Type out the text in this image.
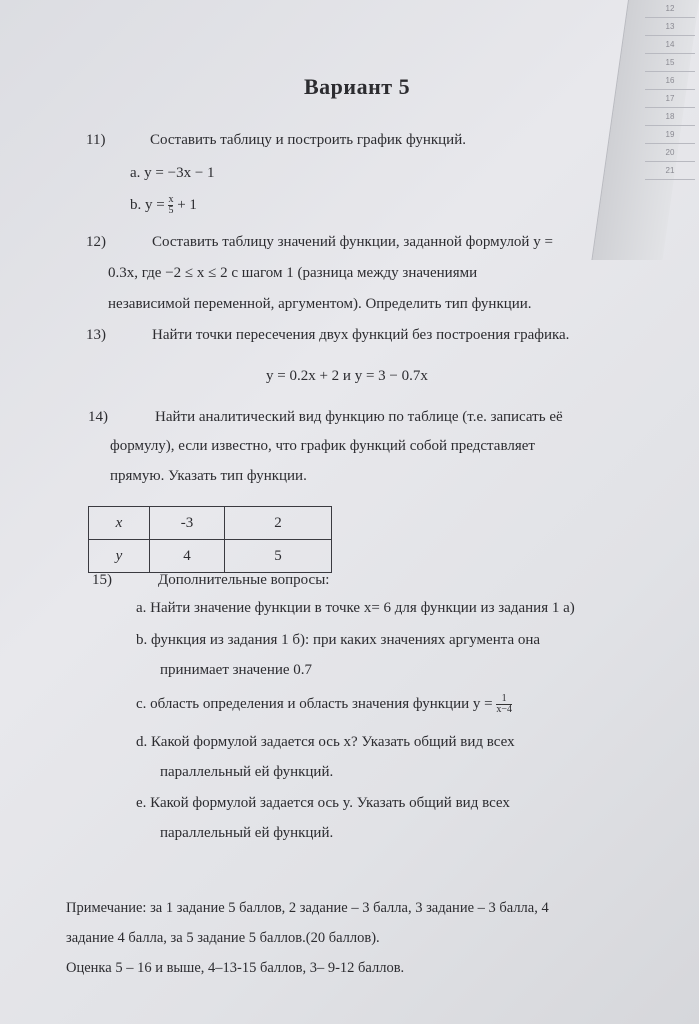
12
13
14
15
16
17
18
19
20
21
Вариант 5
11)	Составить таблицу и построить график функций.
a. y = −3x − 1
b. $y = \frac{x}{5} + 1$
12)	Составить таблицу значений функции, заданной формулой y =
0.3x, где −2 ≤ x ≤ 2 с шагом 1 (разница между значениями
независимой переменной, аргументом). Определить тип функции.
13)	Найти точки пересечения двух функций без построения графика.
y = 0.2x + 2 и y = 3 − 0.7x
14)	Найти аналитический вид функцию по таблице (т.е. записать её
формулу), если известно, что график функций собой представляет
прямую. Указать тип функции.
x	-3	2
y	4	5
15)	Дополнительные вопросы:
a. Найти значение функции в точке x= 6 для функции из задания 1 а)
b. функция из задания 1 б): при каких значениях аргумента она
принимает значение 0.7
c. область определения и область значения функции $y = \frac{1}{x-4}$
d. Какой формулой задается ось x? Указать общий вид всех
параллельный ей функций.
e. Какой формулой задается ось y. Указать общий вид всех
параллельный ей функций.
Примечание: за 1 задание 5 баллов, 2 задание – 3 балла, 3 задание – 3 балла, 4
задание 4 балла, за 5 задание 5 баллов.(20 баллов).
Оценка 5 – 16 и выше, 4–13-15 баллов, 3– 9-12 баллов.
